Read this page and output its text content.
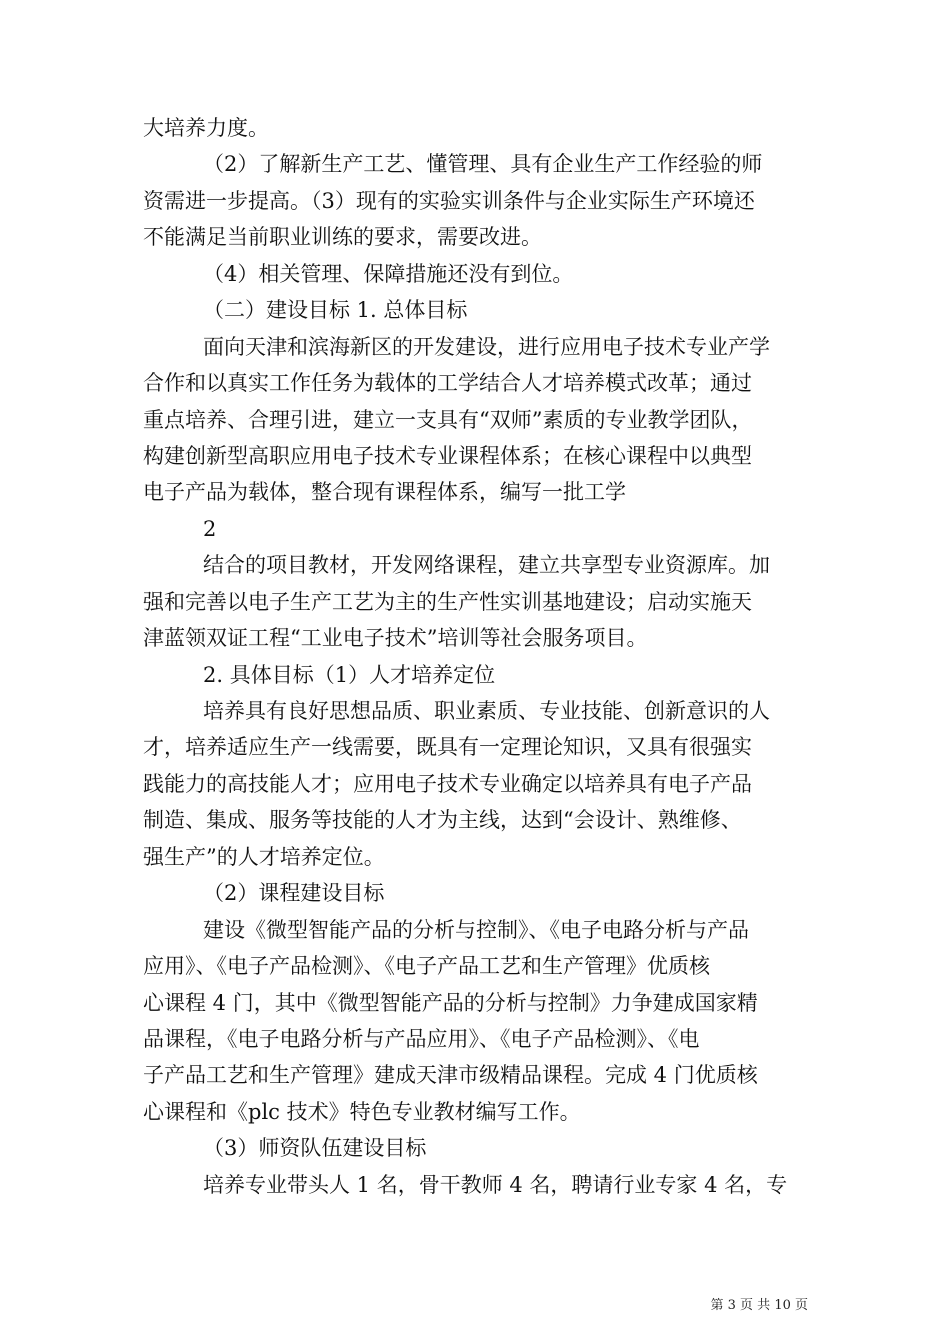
大培养力度。
（2）了解新生产工艺、懂管理、具有企业生产工作经验的师
资需进一步提高。（3）现有的实验实训条件与企业实际生产环境还
不能满足当前职业训练的要求，需要改进。
（4）相关管理、保障措施还没有到位。
（二）建设目标 1. 总体目标
面向天津和滨海新区的开发建设，进行应用电子技术专业产学
合作和以真实工作任务为载体的工学结合人才培养模式改革；通过
重点培养、合理引进，建立一支具有“双师”素质的专业教学团队，
构建创新型高职应用电子技术专业课程体系；在核心课程中以典型
电子产品为载体，整合现有课程体系，编写一批工学
2
结合的项目教材，开发网络课程，建立共享型专业资源库。加
强和完善以电子生产工艺为主的生产性实训基地建设；启动实施天
津蓝领双证工程“工业电子技术”培训等社会服务项目。
2. 具体目标（1）人才培养定位
培养具有良好思想品质、职业素质、专业技能、创新意识的人
才，培养适应生产一线需要，既具有一定理论知识，又具有很强实
践能力的高技能人才；应用电子技术专业确定以培养具有电子产品
制造、集成、服务等技能的人才为主线，达到“会设计、熟维修、
强生产”的人才培养定位。
（2）课程建设目标
建设《微型智能产品的分析与控制》、《电子电路分析与产品
应用》、《电子产品检测》、《电子产品工艺和生产管理》优质核
心课程 4 门，其中《微型智能产品的分析与控制》力争建成国家精
品课程，《电子电路分析与产品应用》、《电子产品检测》、《电
子产品工艺和生产管理》建成天津市级精品课程。完成 4 门优质核
心课程和《plc 技术》特色专业教材编写工作。
（3）师资队伍建设目标
培养专业带头人 1 名，骨干教师 4 名，聘请行业专家 4 名，专
第 3 页 共 10 页
